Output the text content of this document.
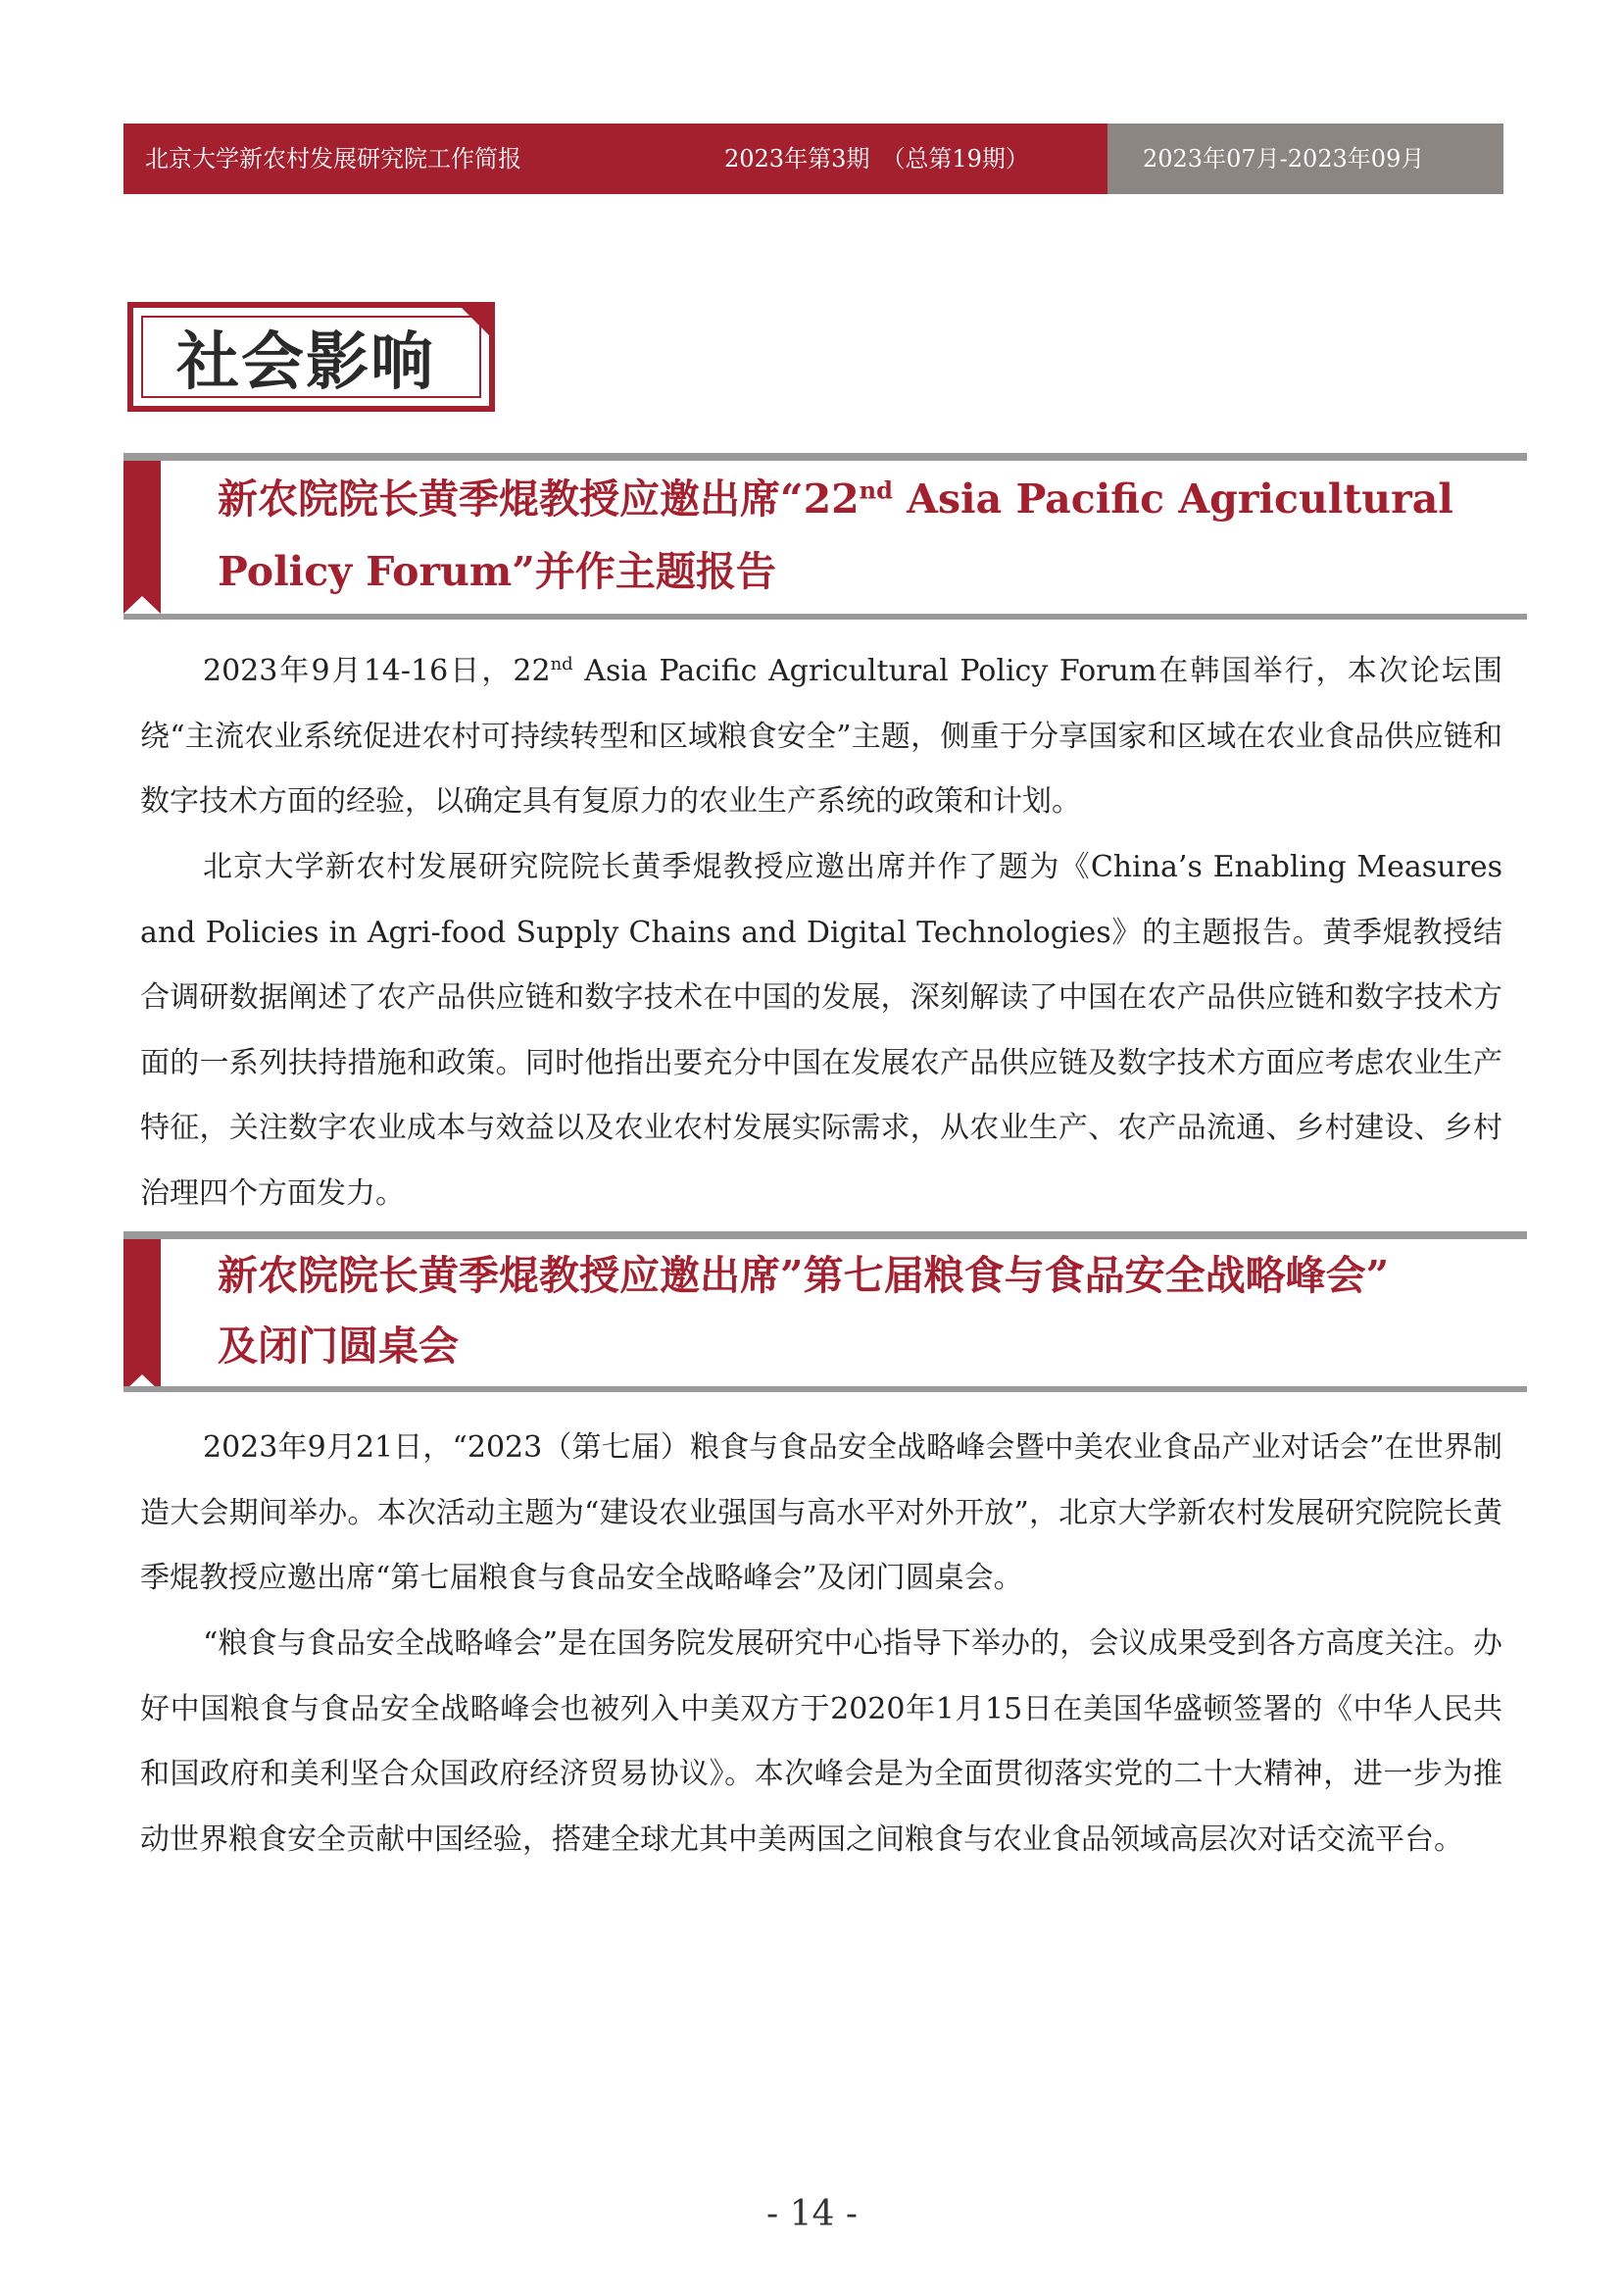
北京大学新农村发展研究院工作简报	2023年第3期　（总第19期）	2023年07月-2023年09月
社会影响
新农院院长黄季焜教授应邀出席“22nd Asia Pacific Agricultural
Policy Forum”并作主题报告

2023年9月14-16日，22nd Asia Pacific Agricultural Policy Forum在韩国举行，本次论坛围绕“主流农业系统促进农村可持续转型和区域粮食安全”主题，侧重于分享国家和区域在农业食品供应链和数字技术方面的经验，以确定具有复原力的农业生产系统的政策和计划。

北京大学新农村发展研究院院长黄季焜教授应邀出席并作了题为《China’s Enabling Measures and Policies in Agri-food Supply Chains and Digital Technologies》的主题报告。黄季焜教授结合调研数据阐述了农产品供应链和数字技术在中国的发展，深刻解读了中国在农产品供应链和数字技术方面的一系列扶持措施和政策。同时他指出要充分中国在发展农产品供应链及数字技术方面应考虑农业生产特征，关注数字农业成本与效益以及农业农村发展实际需求，从农业生产、农产品流通、乡村建设、乡村治理四个方面发力。

新农院院长黄季焜教授应邀出席”第七届粮食与食品安全战略峰会”
及闭门圆桌会

2023年9月21日，“2023（第七届）粮食与食品安全战略峰会暨中美农业食品产业对话会”在世界制造大会期间举办。本次活动主题为“建设农业强国与高水平对外开放”，北京大学新农村发展研究院院长黄季焜教授应邀出席“第七届粮食与食品安全战略峰会”及闭门圆桌会。

“粮食与食品安全战略峰会”是在国务院发展研究中心指导下举办的，会议成果受到各方高度关注。办好中国粮食与食品安全战略峰会也被列入中美双方于2020年1月15日在美国华盛顿签署的《中华人民共和国政府和美利坚合众国政府经济贸易协议》。本次峰会是为全面贯彻落实党的二十大精神，进一步为推动世界粮食安全贡献中国经验，搭建全球尤其中美两国之间粮食与农业食品领域高层次对话交流平台。

- 14 -
